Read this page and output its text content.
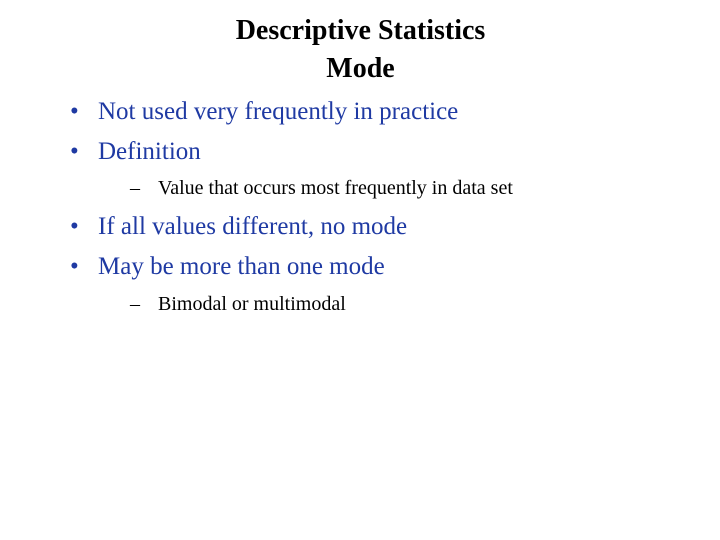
Descriptive Statistics
Mode
• Not used very frequently in practice
• Definition
– Value that occurs most frequently in data set
• If all values different, no mode
• May be more than one mode
– Bimodal or multimodal
